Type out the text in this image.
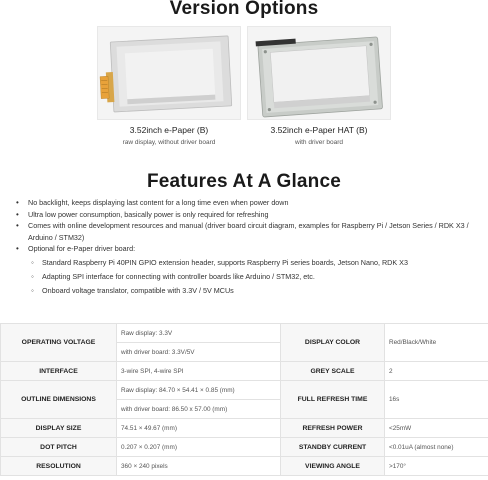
Version Options
3.52inch e-Paper (B)
raw display, without driver board
3.52inch e-Paper HAT (B)
with driver board
Features At A Glance
• No backlight, keeps displaying last content for a long time even when power down
• Ultra low power consumption, basically power is only required for refreshing
• Comes with online development resources and manual (driver board circuit diagram, examples for Raspberry Pi / Jetson Series / RDK X3 / Arduino / STM32)
• Optional for e-Paper driver board:
◦ Standard Raspberry Pi 40PIN GPIO extension header, supports Raspberry Pi series boards, Jetson Nano, RDK X3
◦ Adapting SPI interface for connecting with controller boards like Arduino / STM32, etc.
◦ Onboard voltage translator, compatible with 3.3V / 5V MCUs
OPERATING VOLTAGE	Raw display: 3.3V	DISPLAY COLOR	Red/Black/White
	with driver board: 3.3V/5V		
INTERFACE	3-wire SPI, 4-wire SPI	GREY SCALE	2
OUTLINE DIMENSIONS	Raw display: 84.70 × 54.41 × 0.85 (mm)	FULL REFRESH TIME	16s
	with driver board: 86.50 x 57.00 (mm)		
DISPLAY SIZE	74.51 × 49.67 (mm)	REFRESH POWER	<25mW
DOT PITCH	0.207 × 0.207 (mm)	STANDBY CURRENT	<0.01uA (almost none)
RESOLUTION	360 × 240 pixels	VIEWING ANGLE	>170°
